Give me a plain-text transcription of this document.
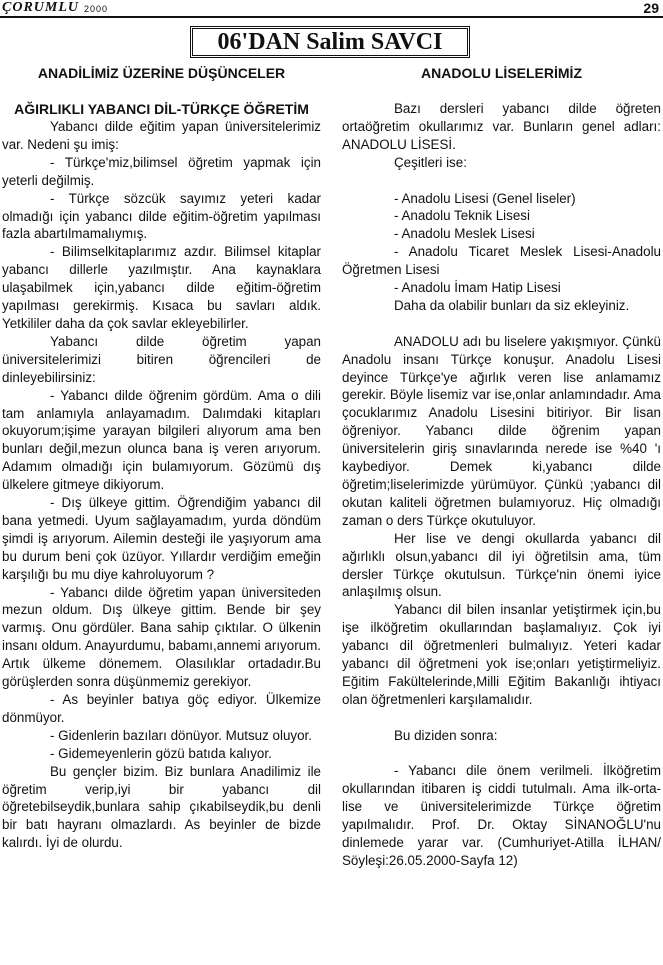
ÇORUMLU 2000	29
06'DAN Salim SAVCI
ANADİLİMİZ ÜZERİNE DÜŞÜNCELER
AĞIRLIKLI YABANCI DİL-TÜRKÇE ÖĞRETİM

Yabancı dilde eğitim yapan üniversitelerimiz var. Nedeni şu imiş:

- Türkçe'miz,bilimsel öğretim yapmak için yeterli değilmiş.

- Türkçe sözcük sayımız yeteri kadar olmadığı için yabancı dilde eğitim-öğretim yapılması fazla abartılmamalıymış.

- Bilimselkitaplarımız azdır. Bilimsel kitaplar yabancı dillerle yazılmıştır. Ana kaynaklara ulaşabilmek için,yabancı dilde eğitim-öğretim yapılması gerekirmiş. Kısaca bu savları aldık. Yetkililer daha da çok savlar ekleyebilirler.

Yabancı dilde öğretim yapan üniversitelerimizi bitiren öğrencileri de dinleyebilirsiniz:

- Yabancı dilde öğrenim gördüm. Ama o dili tam anlamıyla anlayamadım. Dalımdaki kitapları okuyorum;işime yarayan bilgileri alıyorum ama ben bunları değil,mezun olunca bana iş veren arıyorum. Adamım olmadığı için bulamıyorum. Gözümü dış ülkelere gitmeye dikiyorum.

- Dış ülkeye gittim. Öğrendiğim yabancı dil bana yetmedi. Uyum sağlayamadım, yurda döndüm şimdi iş arıyorum. Ailemin desteği ile yaşıyorum ama bu durum beni çok üzüyor. Yıllardır verdiğim emeğin karşılığı bu mu diye kahroluyorum ?

- Yabancı dilde öğretim yapan üniversiteden mezun oldum. Dış ülkeye gittim. Bende bir şey varmış. Onu gördüler. Bana sahip çıktılar. O ülkenin insanı oldum. Anayurdumu, babamı,annemi arıyorum. Artık ülkeme dönemem. Olasılıklar ortadadır.Bu görüşlerden sonra düşünmemiz gerekiyor.

- As beyinler batıya göç ediyor. Ülkemize dönmüyor.

- Gidenlerin bazıları dönüyor. Mutsuz oluyor.

- Gidemeyenlerin gözü batıda kalıyor.

Bu gençler bizim. Biz bunlara Anadilimiz ile öğretim verip,iyi bir yabancı dil öğretebilseydik,bunlara sahip çıkabilseydik,bu denli bir batı hayranı olmazlardı. As beyinler de bizde kalırdı. İyi de olurdu.

ANADOLU LİSELERİMİZ

Bazı dersleri yabancı dilde öğreten ortaöğretim okullarımız var. Bunların genel adları: ANADOLU LİSESİ.

Çeşitleri ise:

- Anadolu Lisesi (Genel liseler)

- Anadolu Teknik Lisesi

- Anadolu Meslek Lisesi

- Anadolu Ticaret Meslek Lisesi-Anadolu Öğretmen Lisesi

- Anadolu İmam Hatip Lisesi

Daha da olabilir bunları da siz ekleyiniz.

ANADOLU adı bu liselere yakışmıyor. Çünkü Anadolu insanı Türkçe konuşur. Anadolu Lisesi deyince Türkçe'ye ağırlık veren lise anlamamız gerekir. Böyle lisemiz var ise,onlar anlamındadır. Ama çocuklarımız Anadolu Lisesini bitiriyor. Bir lisan öğreniyor. Yabancı dilde öğrenim yapan üniversitelerin giriş sınavlarında nerede ise %40 'ı kaybediyor. Demek ki,yabancı dilde öğretim;liselerimizde yürümüyor. Çünkü ;yabancı dil okutan kaliteli öğretmen bulamıyoruz. Hiç olmadığı zaman o ders Türkçe okutuluyor.

Her lise ve dengi okullarda yabancı dil ağırlıklı olsun,yabancı dil iyi öğretilsin ama, tüm dersler Türkçe okutulsun. Türkçe'nin önemi iyice anlaşılmış olsun.

Yabancı dil bilen insanlar yetiştirmek için,bu işe ilköğretim okullarından başlamalıyız. Çok iyi yabancı dil öğretmenleri bulmalıyız. Yeteri kadar yabancı dil öğretmeni yok ise;onları yetiştirmeliyiz. Eğitim Fakültelerinde,Milli Eğitim Bakanlığı ihtiyacı olan öğretmenleri karşılamalıdır.

Bu diziden sonra:

- Yabancı dile önem verilmeli. İlköğretim okullarından itibaren iş ciddi tutulmalı. Ama ilk-orta-lise ve üniversitelerimizde Türkçe öğretim yapılmalıdır. Prof. Dr. Oktay SİNANOĞLU'nu dinlemede yarar var. (Cumhuriyet-Atilla İLHAN/ Söyleşi:26.05.2000-Sayfa 12)
